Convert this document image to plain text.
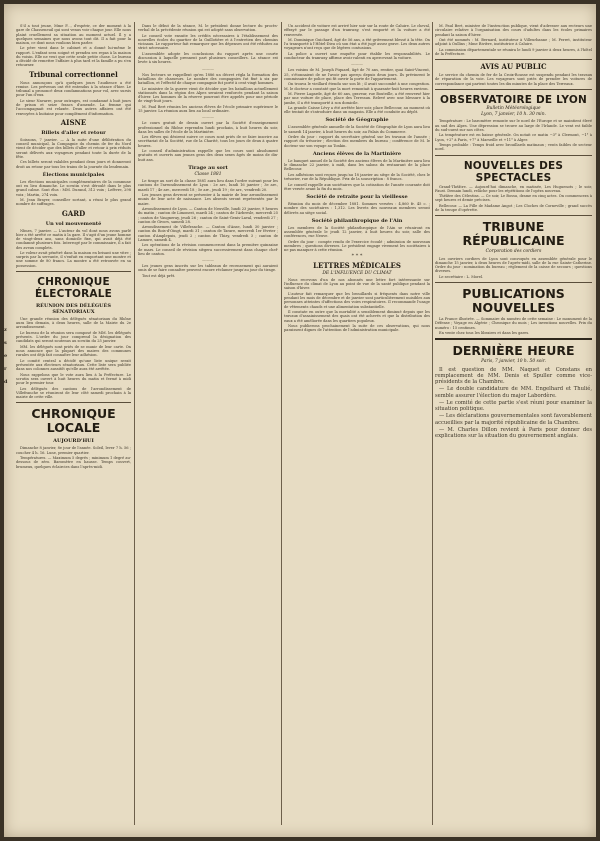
z
s
e
r
d

S'il a tout jeune, Mme F..., d'espérir, ce der moment à la gare de Chasseneuil qui sont venus voir chaque jour. Elle nous plaint cruellement sa situation au moment actuel. Il y a quelques semaines que nous avons tout dit. Il a fait pour la maison, ce dont nous voulions bien parler.

Le père vient dans le cabinet et a donné lui-même le rapport. L'enfant sera soigné et prendra ses repas à la maison du voisin. Elle ne veut que cette seule petite chose. Le bureau a décidé de remettre l'affaire à plus tard et la famille a pu s'en retourner.

Tribunal correctionnel

Nous annonçons qu'à quelques jours l'audience a été remise. Les prévenus ont été entendus à la séance d'hier. Le tribunal a prononcé deux condamnations pour vol, avec sursis pour l'un d'eux.

Le sieur Navarre, pour outrages, est condamné à huit jours de prison et seize francs d'amende. La femme qui l'accompagnait est relaxée. Deux autres affaires ont été renvoyées à huitaine pour complément d'information.

AISNE
Billets d'aller et retour

Soissons, 7 janvier. — A la suite d'une délibération du conseil municipal, la Compagnie du chemin de fer du Nord vient de décider que des billets d'aller et retour à prix réduits seront délivrés aux voyageurs pendant toute la durée de la fête.

Ces billets seront valables pendant deux jours et donneront droit au retour par tous les trains de la journée du lendemain.

Élections municipales

Les élections municipales complémentaires de la commune ont eu lieu dimanche. Le scrutin s'est déroulé dans le plus grand calme. Sont élus : MM. Durand, 312 voix ; Lefèvre, 298 voix ; Martin, 274 voix.

M. Jean Brayer, conseiller sortant, a réuni le plus grand nombre de suffrages.

GARD
Un vol mouvementé

Nîmes, 7 janvier. — L'auteur du vol dont nous avons parlé hier a été arrêté ce matin à la gare. Il s'agit d'un jeune homme de vingt-deux ans, sans domicile fixe, qui avait déjà été condamné plusieurs fois. Interrogé par le commissaire, il a fait des aveux complets.

Le voleur avait pénétré dans la maison en brisant une vitre ; surpris par la servante, il s'enfuit en emportant une montre et une somme de 80 francs. La montre a été retrouvée en sa possession.

CHRONIQUE ÉLECTORALE
RÉUNION DES DÉLÉGUÉS SÉNATORIAUX

Une grande réunion des délégués sénatoriaux du Rhône aura lieu demain, à deux heures, salle de la Mairie du 2e arrondissement.

Le bureau de la réunion sera composé de MM. les délégués présents. L'ordre du jour comprend la désignation des candidats qui seront soutenus au scrutin du 25 janvier.

MM. les délégués sont priés de se munir de leur carte. On nous annonce que la plupart des maires des communes rurales ont déjà fait connaître leur adhésion.

Le comité central a décidé qu'une liste unique serait présentée aux électeurs sénatoriaux. Cette liste sera publiée dans nos colonnes aussitôt qu'elle aura été arrêtée.

Nous rappelons que le vote aura lieu à la Préfecture. Le scrutin sera ouvert à huit heures du matin et fermé à midi pour le premier tour.

Les délégués des cantons de l'arrondissement de Villefranche se réuniront de leur côté samedi prochain à la mairie de cette ville.

CHRONIQUE LOCALE
AUJOURD'HUI

Dimanche 8 janvier, 8e jour de l'année. Soleil, lever 7 h. 56 ; coucher 4 h. 16. Lune, premier quartier.

Températures. — Maximum 5 degrés ; minimum 1 degré au-dessous de zéro. Baromètre en hausse. Temps couvert, brumeux, quelques éclaircies dans l'après-midi.

Dans le début de la séance, M. le président donne lecture du procès-verbal de la précédente réunion qui est adopté sans observation.

Le conseil vote ensuite les crédits nécessaires à l'établissement des nouvelles écoles du quartier de la Guillotière et à l'entretien des chemins vicinaux. Le rapporteur fait remarquer que les dépenses ont été réduites au strict nécessaire.

L'assemblée adopte les conclusions du rapport après une courte discussion à laquelle prennent part plusieurs conseillers. La séance est levée à six heures.

———

Nos lecteurs se rappellent qu'en 1886 un décret régla la formation des bataillons de chasseurs. Le nombre des compagnies fut fixé à six par bataillon, et l'effectif de chaque compagnie fut porté à cent vingt hommes.

Le ministre de la guerre vient de décider que les bataillons actuellement stationnés dans la région des Alpes seraient renforcés pendant la saison d'hiver. Les hommes de la réserve pourront être appelés pour une période de vingt-huit jours.

M. Paul Bert réunira les anciens élèves de l'école primaire supérieure le 15 janvier. La réunion aura lieu au local ordinaire.

———

Le cours gratuit de dessin ouvert par la Société d'enseignement professionnel du Rhône reprendra lundi prochain, à huit heures du soir, dans les salles de l'école de la Martinière.

Les élèves qui désirent suivre ce cours sont priés de se faire inscrire au secrétariat de la Société, rue de la Charité, tous les jours de deux à quatre heures.

Le conseil d'administration rappelle que les cours sont absolument gratuits et ouverts aux jeunes gens des deux sexes âgés de moins de dix-huit ans.

Tirage au sort
Classe 1881

Le tirage au sort de la classe 1881 aura lieu dans l'ordre suivant pour les cantons de l'arrondissement de Lyon : 2e arr., lundi 16 janvier ; 3e arr., mardi 17 ; 4e arr., mercredi 18 ; 5e arr., jeudi 19 ; 6e arr., vendredi 20.

Les jeunes gens devront se présenter à la mairie de leur arrondissement munis de leur acte de naissance. Les absents seront représentés par le maire.

Arrondissement de Lyon. — Canton de Neuville, lundi 23 janvier, 9 heures du matin ; canton de Limonest, mardi 24 ; canton de l'Arbresle, mercredi 25 ; canton de Vaugneray, jeudi 26 ; canton de Saint-Genis-Laval, vendredi 27 ; canton de Givors, samedi 28.

Arrondissement de Villefranche. — Canton d'Anse, lundi 30 janvier ; canton du Bois-d'Oingt, mardi 31 ; canton de Tarare, mercredi 1er février ; canton d'Amplepuis, jeudi 2 ; canton de Thizy, vendredi 3 ; canton de Lamure, samedi 4.

Les opérations de la révision commenceront dans la première quinzaine de mars. Le conseil de révision siègera successivement dans chaque chef-lieu de canton.

———

Les jeunes gens inscrits sur les tableaux de recensement qui auraient omis de se faire connaître peuvent encore réclamer jusqu'au jour du tirage.

Tout est déjà prêt.

Un accident de voiture est arrivé hier soir sur la route de Caluire. Le cheval, effrayé par le passage d'un tramway, s'est emporté et la voiture a été renversée.

M. Dominique Guichard, âgé de 56 ans, a été grièvement blessé à la tête. On l'a transporté à l'Hôtel-Dieu où son état a été jugé assez grave. Les deux autres voyageurs n'ont reçu que de légères contusions.

La police a ouvert une enquête pour établir les responsabilités. Le conducteur du tramway affirme avoir ralenti en apercevant la voiture.

———

Les voisins de M. Joseph Piquard, âgé de 70 ans, rentier, quai Saint-Vincent, 25, s'étonnaient de ne l'avoir pas aperçu depuis deux jours. Ils prévinrent le commissaire de police qui fit ouvrir la porte de l'appartement.

On trouva le vieillard étendu sur son lit ; il avait succombé à une congestion. M. le docteur a constaté que la mort remontait à quarante-huit heures environ.

M. Pierre Lagarde, âgé de 60 ans, graveur, rue Bouteille, a été renversé hier par une voiture de place, place des Terreaux. Relevé avec une blessure à la jambe, il a été transporté à son domicile.

La grande Caisse Lévy a été arrêtée hier soir, place Bellecour, au moment où elle tentait de s'introduire dans un magasin. Elle a été conduite au dépôt.

Société de Géographie

L'assemblée générale annuelle de la Société de Géographie de Lyon aura lieu le samedi 14 janvier, à huit heures du soir, au Palais du Commerce.

Ordre du jour : rapport du secrétaire général sur les travaux de l'année ; rapport du trésorier ; élection des membres du bureau ; conférence de M. le docteur sur son voyage au Tonkin.

Anciens élèves de la Martinière

Le banquet annuel de la Société des anciens élèves de la Martinière aura lieu le dimanche 22 janvier, à midi, dans les salons du restaurant de la place Bellecour.

Les adhésions sont reçues jusqu'au 18 janvier au siège de la Société, chez le trésorier, rue de la République. Prix de la souscription : 8 francs.

Le conseil rappelle aux sociétaires que la cotisation de l'année courante doit être versée avant la fin du mois.

Société de retraite pour la vieillesse

Réunion du mois de décembre 1881. Sommes versées : 4,860 fr. 45 c. ; nombre des sociétaires : 1,312. Les livrets des nouveaux membres seront délivrés au siège social.

Société philanthropique de l'Ain

Les membres de la Société philanthropique de l'Ain se réuniront en assemblée générale le jeudi 12 janvier, à huit heures du soir, salle des conférences, rue Neuve.

Ordre du jour : compte rendu de l'exercice écoulé ; admission de nouveaux membres ; questions diverses. Le président engage vivement les sociétaires à ne pas manquer à cette réunion.

* * *
LETTRES MÉDICALES
DE L'INFLUENCE DU CLIMAT

Nous recevons d'un de nos abonnés une lettre fort intéressante sur l'influence du climat de Lyon au point de vue de la santé publique pendant la saison d'hiver.

L'auteur fait remarquer que les brouillards si fréquents dans notre ville pendant les mois de décembre et de janvier sont particulièrement nuisibles aux personnes atteintes d'affections des voies respiratoires. Il recommande l'usage de vêtements chauds et une alimentation substantielle.

Il constate en outre que la mortalité a sensiblement diminué depuis que les travaux d'assainissement des quais ont été achevés et que la distribution des eaux a été améliorée dans les quartiers populeux.

Nous publierons prochainement la suite de ces observations, qui nous paraissent dignes de l'attention de l'administration municipale.

M. Paul Bert, ministre de l'instruction publique, vient d'adresser aux recteurs une circulaire relative à l'organisation des cours d'adultes dans les écoles primaires pendant la saison d'hiver.

Ont été nommés : M. Bernard, instituteur à Villeurbanne ; M. Perret, instituteur adjoint à Oullins ; Mme Rivière, institutrice à Caluire.

La commission départementale se réunira le lundi 9 janvier à deux heures, à l'hôtel de la Préfecture.

AVIS AU PUBLIC

Le service du chemin de fer de la Croix-Rousse est suspendu pendant les travaux de réparation de la voie. Les voyageurs sont priés de prendre les voitures de correspondance qui partent toutes les dix minutes de la place des Terreaux.

OBSERVATOIRE DE LYON
Bulletin Météorologique
Lyon, 7 janvier, 10 h. 30 min.

Température : Le baromètre remonte sur le nord de l'Europe et se maintient élevé au sud des Alpes. Une dépression se trouve au large de l'Irlande. Le vent est faible du sud-ouest sur nos côtes.

La température est en baisse générale. On notait ce matin −3° à Clermont, −1° à Lyon, +2° à Paris, +7° à Marseille et +11° à Alger.

Temps probable : Temps froid avec brouillards matinaux ; vents faibles de secteur nord.

NOUVELLES DES SPECTACLES

Grand-Théâtre. — Aujourd'hui dimanche, en matinée, Les Huguenots ; le soir, Faust. Demain lundi, relâche pour les répétitions de l'opéra nouveau.

Théâtre des Célestins. — Ce soir, Le Bossu, drame en cinq actes. On commencera à sept heures et demie précises.

Bellecour. — La Fille de Madame Angot ; Les Cloches de Corneville ; grand succès de la troupe d'opérette.

TRIBUNE RÉPUBLICAINE
Corporation des cordiers

Les ouvriers cordiers de Lyon sont convoqués en assemblée générale pour le dimanche 15 janvier, à deux heures de l'après-midi, salle de la rue Sainte-Catherine. Ordre du jour : nomination du bureau ; règlement de la caisse de secours ; questions diverses.

Le secrétaire : L. Morel.

PUBLICATIONS NOUVELLES

La France illustrée. — Sommaire du numéro de cette semaine : Le monument de la Défense ; Voyage en Algérie ; Chronique du mois ; Les inventions nouvelles. Prix du numéro : 15 centimes.

En vente chez tous les libraires et dans les gares.

DERNIÈRE HEURE
Paris, 7 janvier, 10 h. 50 soir.

Il est question de MM. Naquet et Constans en remplacement de MM. Denis et Spuller comme vice-présidents de la Chambre.

— Le double candidature de MM. Engelhard et Thulié, semble assurer l'élection du major Labordère.

— Le comité de cette partie s'est réuni pour examiner la situation politique.

— Les déclarations gouvernementales sont favorablement accueillies par la majorité républicaine de la Chambre.

— M. Charles Dillon revient à Paris pour donner des explications sur la situation du gouvernement anglais.
